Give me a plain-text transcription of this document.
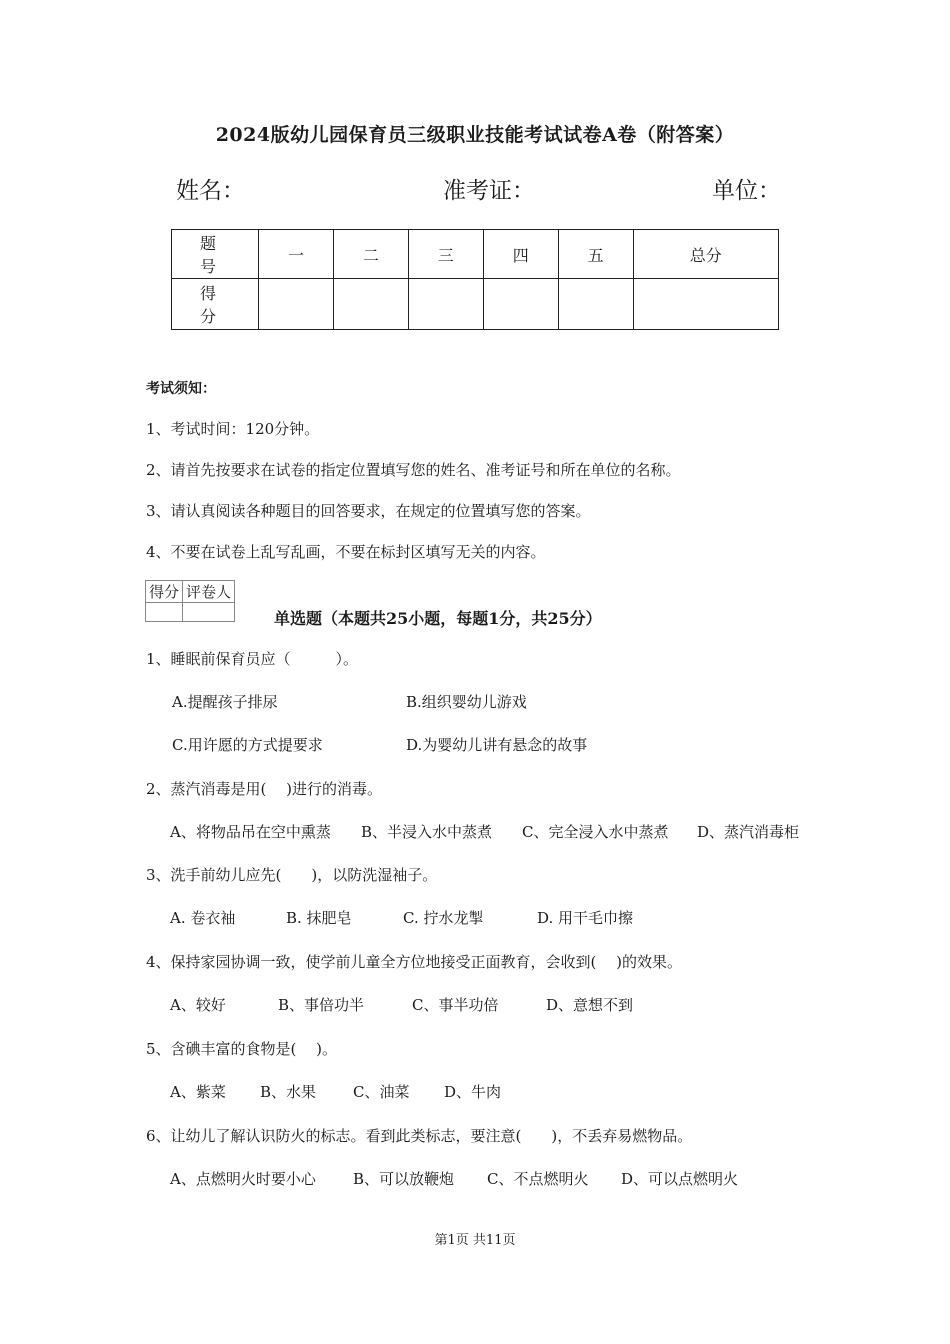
2024版幼儿园保育员三级职业技能考试试卷A卷（附答案）
姓名：	准考证：	单位：
题　号	一	二	三	四	五	总分
得　分						
考试须知：
1、考试时间：120分钟。
2、请首先按要求在试卷的指定位置填写您的姓名、准考证号和所在单位的名称。
3、请认真阅读各种题目的回答要求，在规定的位置填写您的答案。
4、不要在试卷上乱写乱画，不要在标封区填写无关的内容。
得分	评卷人

单选题（本题共25小题，每题1分，共25分）
1、睡眠前保育员应（　　　）。
A.提醒孩子排尿	B.组织婴幼儿游戏
C.用许愿的方式提要求	D.为婴幼儿讲有悬念的故事
2、蒸汽消毒是用(　 )进行的消毒。
A、将物品吊在空中熏蒸 B、半浸入水中蒸煮 C、完全浸入水中蒸煮 D、蒸汽消毒柜
3、洗手前幼儿应先(　　)，以防洗湿袖子。
A. 卷衣袖	B. 抹肥皂	C. 拧水龙掣	D. 用干毛巾擦
4、保持家园协调一致，使学前儿童全方位地接受正面教育，会收到(　 )的效果。
A、较好	B、事倍功半	C、事半功倍	D、意想不到
5、含碘丰富的食物是(　 )。
A、紫菜 B、水果 C、油菜 D、牛肉
6、让幼儿了解认识防火的标志。看到此类标志，要注意(　　)，不丢弃易燃物品。
A、点燃明火时要小心 B、可以放鞭炮 C、不点燃明火 D、可以点燃明火
第1页 共11页
